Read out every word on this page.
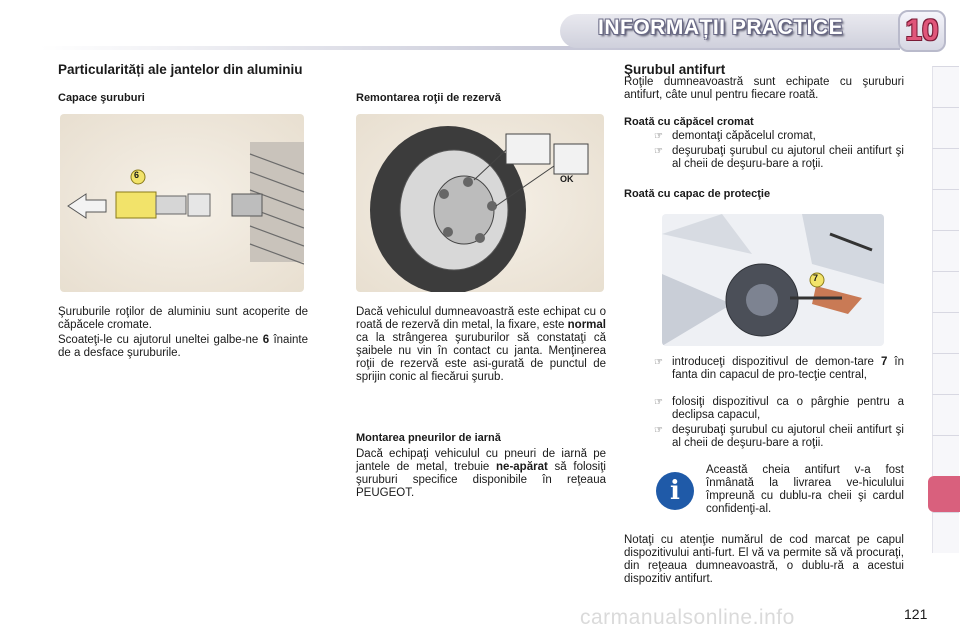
INFORMAȚII PRACTICE 10
Particularități ale jantelor din aluminiu
Capace şuruburi
6

Şuruburile roţilor de aluminiu sunt acoperite de căpăcele cromate.

Scoateţi-le cu ajutorul uneltei galbe-ne 6 înainte de a desface şuruburile.

Remontarea roţii de rezervă
OK

Dacă vehiculul dumneavoastră este echipat cu o roată de rezervă din metal, la fixare, este normal ca la strângerea şuruburilor să constataţi că şaibele nu vin în contact cu janta. Menţinerea roţii de rezervă este asi-gurată de punctul de sprijin conic al fiecărui şurub.

Montarea pneurilor de iarnă

Dacă echipaţi vehiculul cu pneuri de iarnă pe jantele de metal, trebuie ne-apărat să folosiţi şuruburi specifice disponibile în reţeaua PEUGEOT.

Şurubul antifurt

Roţile dumneavoastră sunt echipate cu şuruburi antifurt, câte unul pentru fiecare roată.

Roată cu căpăcel cromat
☞ demontaţi căpăcelul cromat,
☞ deşurubaţi şurubul cu ajutorul cheii antifurt şi al cheii de deşuru-bare a roţii.
Roată cu capac de protecţie
7
☞ introduceţi dispozitivul de demon-tare 7 în fanta din capacul de pro-tecţie central,
☞ folosiţi dispozitivul ca o pârghie pentru a declipsa capacul,
☞ deşurubaţi şurubul cu ajutorul cheii antifurt şi al cheii de deşuru-bare a roţii.
i

Această cheia antifurt v-a fost înmânată la livrarea ve-hiculului împreună cu dublu-ra cheii şi cardul confidenţi-al.

Notaţi cu atenţie numărul de cod marcat pe capul dispozitivului anti-furt. El vă va permite să vă procuraţi, din reţeaua dumneavoastră, o dublu-ră a acestui dispozitiv antifurt.

carmanualsonline.info	121
